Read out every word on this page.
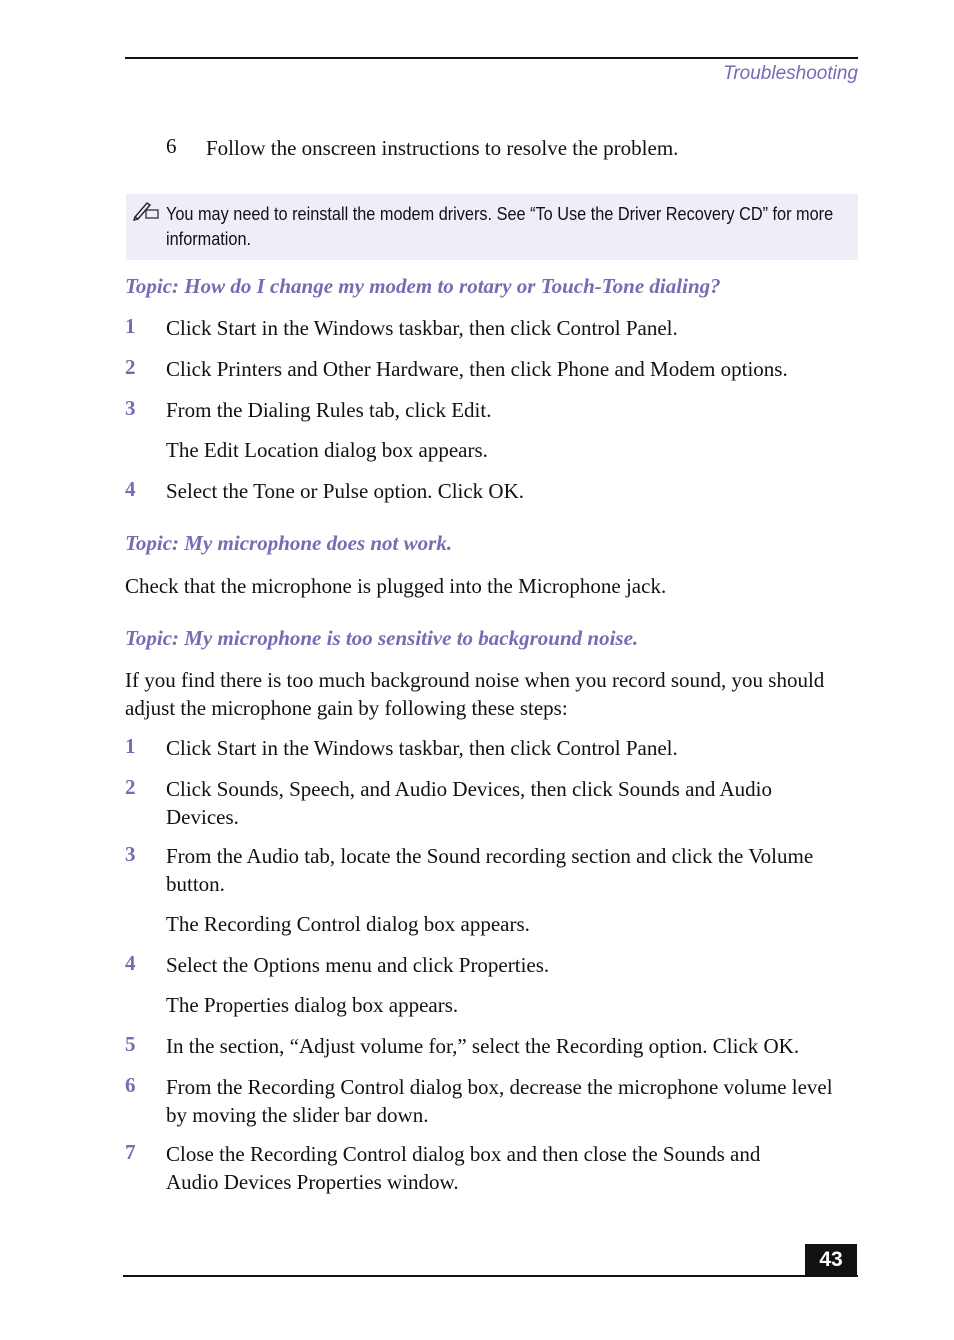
Troubleshooting
6 Follow the onscreen instructions to resolve the problem.
You may need to reinstall the modem drivers. See “To Use the Driver Recovery CD” for more information.
Topic: How do I change my modem to rotary or Touch-Tone dialing?
1 Click Start in the Windows taskbar, then click Control Panel.
2 Click Printers and Other Hardware, then click Phone and Modem options.
3 From the Dialing Rules tab, click Edit.
The Edit Location dialog box appears.
4 Select the Tone or Pulse option. Click OK.
Topic: My microphone does not work.
Check that the microphone is plugged into the Microphone jack.
Topic: My microphone is too sensitive to background noise.
If you find there is too much background noise when you record sound, you should adjust the microphone gain by following these steps:
1 Click Start in the Windows taskbar, then click Control Panel.
2 Click Sounds, Speech, and Audio Devices, then click Sounds and Audio Devices.
3 From the Audio tab, locate the Sound recording section and click the Volume button.
The Recording Control dialog box appears.
4 Select the Options menu and click Properties.
The Properties dialog box appears.
5 In the section, “Adjust volume for,” select the Recording option. Click OK.
6 From the Recording Control dialog box, decrease the microphone volume level by moving the slider bar down.
7 Close the Recording Control dialog box and then close the Sounds and Audio Devices Properties window.
43
